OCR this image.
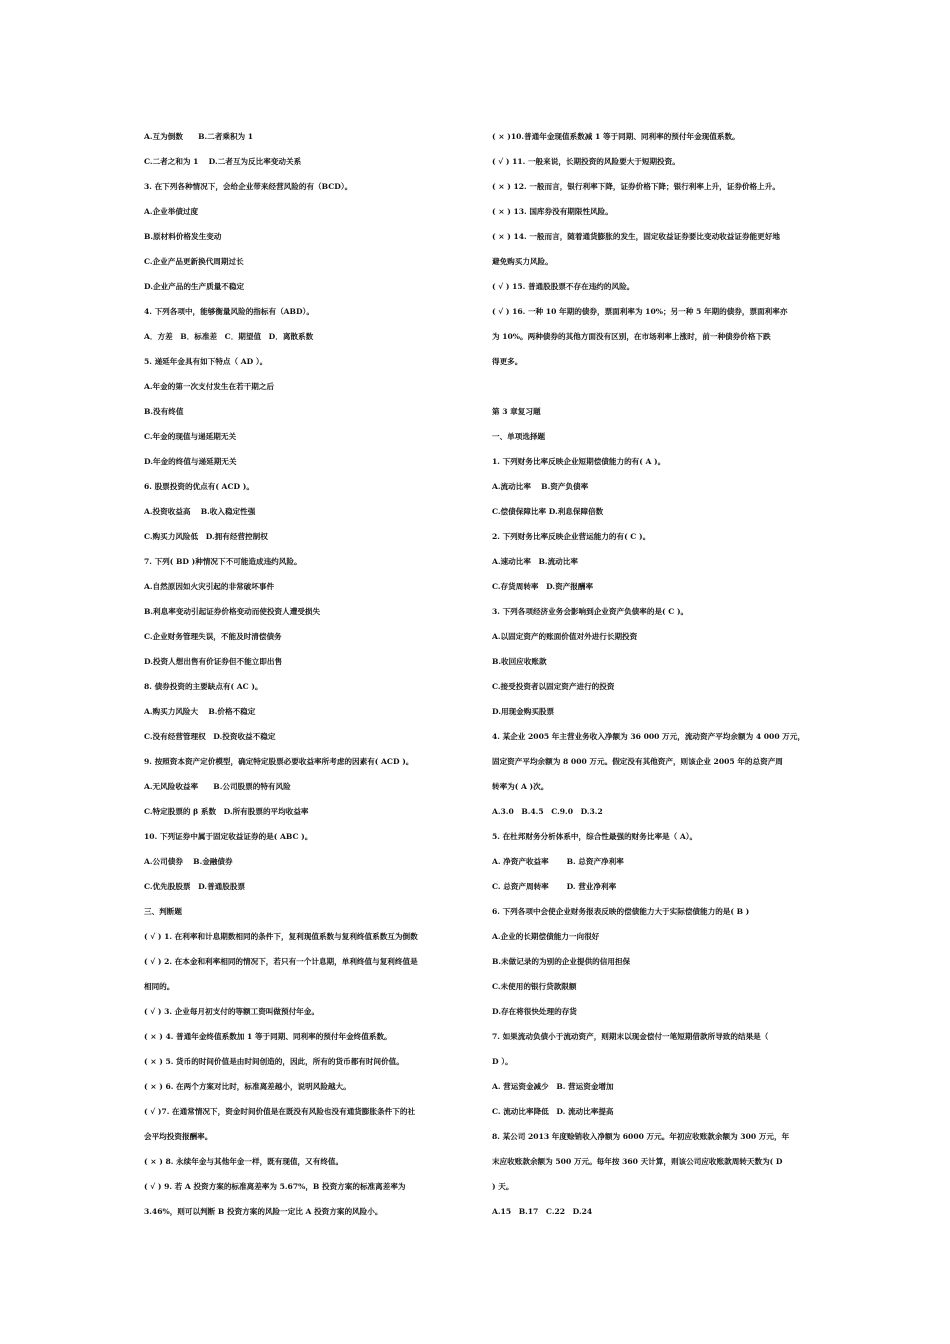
A.互为倒数　　B.二者乘积为 1
C.二者之和为 1　 D.二者互为反比率变动关系
3. 在下列各种情况下，会给企业带来经营风险的有（BCD）。
A.企业举债过度
B.原材料价格发生变动
C.企业产品更新换代周期过长
D.企业产品的生产质量不稳定
4. 下列各项中，能够衡量风险的指标有（ABD）。
A．方差　B．标准差　C．期望值　D．离散系数
5. 递延年金具有如下特点（ AD ）。
A.年金的第一次支付发生在若干期之后
B.没有终值
C.年金的现值与递延期无关
D.年金的终值与递延期无关
6. 股票投资的优点有( ACD )。
A.投资收益高　 B.收入稳定性强
C.购买力风险低　D.拥有经营控制权
7. 下列( BD )种情况下不可能造成违约风险。
A.自然原因如火灾引起的非常破坏事件
B.利息率变动引起证券价格变动而使投资人遭受损失
C.企业财务管理失误，不能及时清偿债务
D.投资人想出售有价证券但不能立即出售
8. 债券投资的主要缺点有( AC )。
A.购买力风险大　 B.价格不稳定
C.没有经营管理权　D.投资收益不稳定
9. 按照资本资产定价模型，确定特定股票必要收益率所考虑的因素有( ACD )。
A.无风险收益率　　B.公司股票的特有风险
C.特定股票的 β 系数　D.所有股票的平均收益率
10. 下列证券中属于固定收益证券的是( ABC )。
A.公司债券　 B.金融债券
C.优先股股票　D.普通股股票
三、判断题
( √ ) 1. 在利率和计息期数相同的条件下，复利现值系数与复利终值系数互为倒数
( √ ) 2. 在本金和利率相同的情况下，若只有一个计息期，单利终值与复利终值是
相同的。
( √ ) 3. 企业每月初支付的等额工资叫做预付年金。
( × ) 4. 普通年金终值系数加 1 等于同期、同利率的预付年金终值系数。
( × ) 5. 货币的时间价值是由时间创造的，因此，所有的货币都有时间价值。
( × ) 6. 在两个方案对比时，标准离差越小，说明风险越大。
( √ )7. 在通常情况下，资金时间价值是在既没有风险也没有通货膨胀条件下的社
会平均投资报酬率。
( × ) 8. 永续年金与其他年金一样，既有现值，又有终值。
( √ ) 9. 若 A 投资方案的标准离差率为 5.67%，B 投资方案的标准离差率为
3.46%，则可以判断 B 投资方案的风险一定比 A 投资方案的风险小。
( × )10.普通年金现值系数减 1 等于同期、同利率的预付年金现值系数。
( √ ) 11. 一般来说，长期投资的风险要大于短期投资。
( × ) 12. 一般而言，银行利率下降，证券价格下降；银行利率上升，证券价格上升。
( × ) 13. 国库券没有期限性风险。
( × ) 14. 一般而言，随着通货膨胀的发生，固定收益证券要比变动收益证券能更好地
避免购买力风险。
( √ ) 15. 普通股股票不存在违约的风险。
( √ ) 16. 一种 10 年期的债券，票面利率为 10%；另一种 5 年期的债券，票面利率亦
为 10%。两种债券的其他方面没有区别，在市场利率上涨时，前一种债券价格下跌
得更多。
第 3 章复习题
一、单项选择题
1. 下列财务比率反映企业短期偿债能力的有( A )。
A.流动比率　 B.资产负债率
C.偿债保障比率 D.利息保障倍数
2. 下列财务比率反映企业营运能力的有( C )。
A.速动比率　B.流动比率
C.存货周转率　D.资产报酬率
3. 下列各项经济业务会影响到企业资产负债率的是( C )。
A.以固定资产的账面价值对外进行长期投资
B.收回应收账款
C.接受投资者以固定资产进行的投资
D.用现金购买股票
4. 某企业 2005 年主营业务收入净额为 36 000 万元，流动资产平均余额为 4 000 万元，
固定资产平均余额为 8 000 万元。假定没有其他资产，则该企业 2005 年的总资产周
转率为( A )次。
A.3.0　B.4.5　C.9.0　D.3.2
5. 在杜邦财务分析体系中，综合性最强的财务比率是（ A）。
A. 净资产收益率　　 B. 总资产净利率
C. 总资产周转率　　 D. 营业净利率
6. 下列各项中会使企业财务报表反映的偿债能力大于实际偿债能力的是( B )
A.企业的长期偿债能力一向很好
B.未做记录的为别的企业提供的信用担保
C.未使用的银行贷款限额
D.存在将很快处理的存货
7. 如果流动负债小于流动资产，则期末以现金偿付一笔短期借款所导致的结果是（
D ）。
A. 营运资金减少　B. 营运资金增加
C. 流动比率降低　D. 流动比率提高
8. 某公司 2013 年度赊销收入净额为 6000 万元。年初应收账款余额为 300 万元，年
末应收账款余额为 500 万元。每年按 360 天计算，则该公司应收账款周转天数为( D
) 天。
A.15　B.17　C.22　D.24
